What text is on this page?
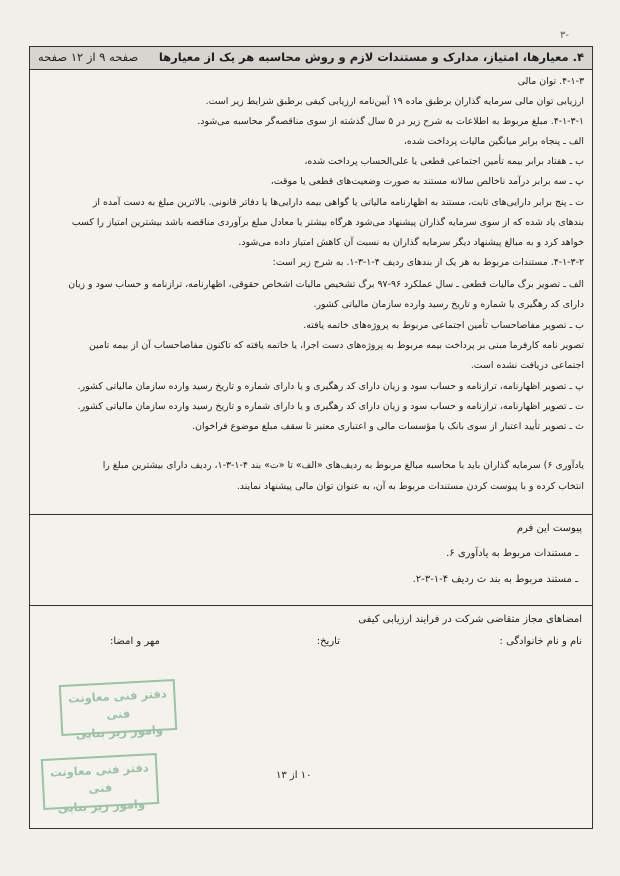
۳-
۴. معیارها، امتیاز، مدارک و مستندات لازم و روش محاسبه هر یک از معیارها
صفحه ۹ از ۱۲ صفحه
۴-۱-۳. توان مالی
ارزیابی توان مالی سرمایه گذاران برطبق ماده ۱۹ آیین‌نامه ارزیابی کیفی برطبق شرایط زیر است.
۴-۱-۳-۱. مبلغ مربوط به اطلاعات به شرح زیر در ۵ سال گذشته از سوی مناقصه‌گر محاسبه می‌شود.
الف ـ پنجاه برابر میانگین مالیات پرداخت شده،
ب ـ هفتاد برابر بیمه تأمین اجتماعی قطعی یا علی‌الحساب پرداخت شده،
پ ـ سه برابر درآمد ناخالص سالانه مستند به صورت وضعیت‌های قطعی یا موقت،
ت ـ پنج برابر دارایی‌های ثابت، مستند به اظهارنامه مالیاتی یا گواهی بیمه دارایی‌ها یا دفاتر قانونی. بالاترین مبلغ به دست آمده از
بندهای یاد شده که از سوی سرمایه گذاران پیشنهاد می‌شود هرگاه بیشتر یا معادل مبلغ برآوردی مناقصه باشد بیشترین امتیاز را کسب
خواهد کرد و به مبالغ پیشنهاد دیگر سرمایه گذاران به نسبت آن کاهش امتیاز داده می‌شود.
۴-۱-۳-۲. مستندات مربوط به هر یک از بندهای ردیف ۴-۱-۳-۱. به شرح زیر است:
الف ـ تصویر برگ مالیات قطعی ـ سال عملکرد ۹۶-۹۷ برگ تشخیص مالیات اشخاص حقوقی، اظهارنامه، ترازنامه و حساب سود و زیان
دارای کد رهگیری یا شماره و تاریخ رسید وارده سازمان مالیاتی کشور.
ب ـ تصویر مفاصاحساب تأمین اجتماعی مربوط به پروژه‌های خاتمه یافته.
تصویر نامه کارفرما مبنی بر پرداخت بیمه مربوط به پروژه‌های دست اجرا، یا خاتمه یافته که تاکنون مفاصاحساب آن از بیمه تامین
اجتماعی دریافت نشده است.
پ ـ تصویر اظهارنامه، ترازنامه و حساب سود و زیان دارای کد رهگیری و یا دارای شماره و تاریخ رسید وارده سازمان مالیاتی کشور.
ت ـ تصویر اظهارنامه، ترازنامه و حساب سود و زیان دارای کد رهگیری و یا دارای شماره و تاریخ رسید وارده سازمان مالیاتی کشور.
ث ـ تصویر تأیید اعتبار از سوی بانک یا مؤسسات مالی و اعتباری معتبر تا سقف مبلغ موضوع فراخوان.
یادآوری ۶) سرمایه گذاران باید با محاسبه مبالغ مربوط به ردیف‌های «الف» تا «ت» بند ۴-۱-۳-۱، ردیف دارای بیشترین مبلغ را
انتخاب کرده و با پیوست کردن مستندات مربوط به آن، به عنوان توان مالی پیشنهاد نمایند.
پیوست این فرم
ـ مستندات مربوط به یادآوری ۶.
ـ مستند مربوط به بند ث ردیف ۴-۱-۳-۲.
امضاهای مجاز متقاضی شرکت در فرایند ارزیابی کیفی
نام و نام خانوادگی :
تاریخ:
مهر و امضا:
دفتر فنی معاونت فنی
وامور زیر بنایی
دفتر فنی معاونت فنی
وامور زیر بنایی
۱۰ از ۱۳
